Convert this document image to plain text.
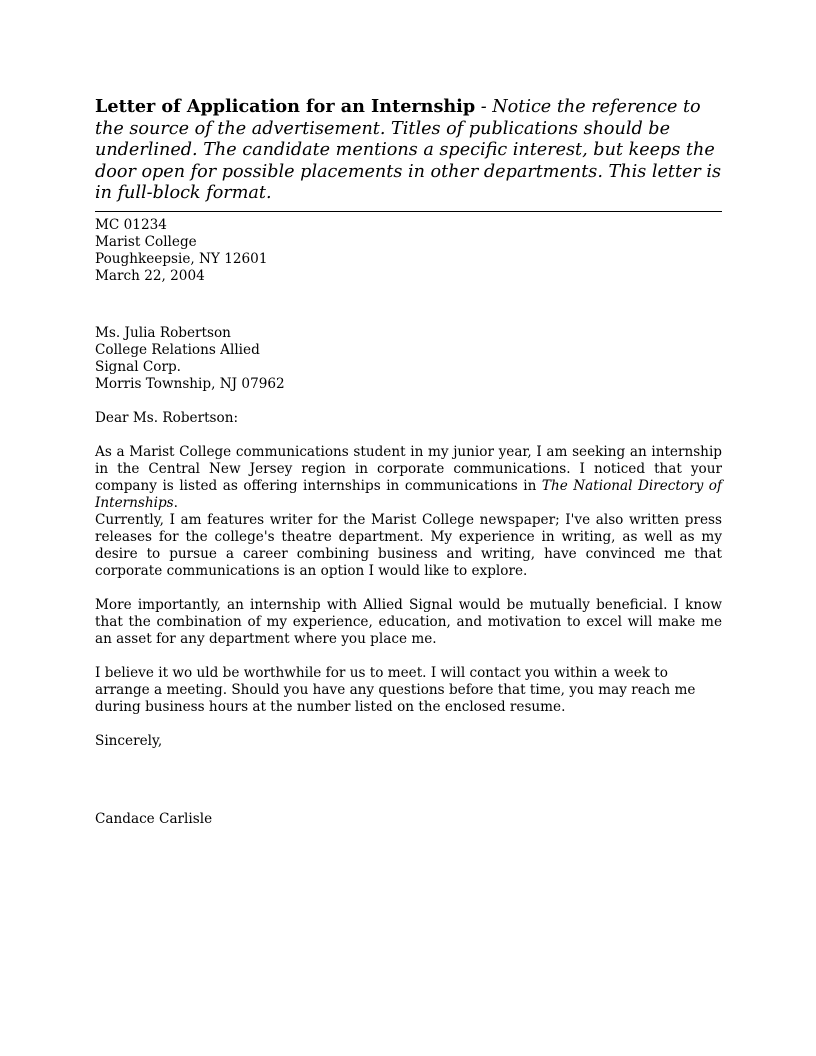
Letter of Application for an Internship - Notice the reference to the source of the advertisement. Titles of publications should be underlined. The candidate mentions a specific interest, but keeps the door open for possible placements in other departments. This letter is in full-block format.

MC 01234
Marist College
Poughkeepsie, NY 12601
March 22, 2004
Ms. Julia Robertson
College Relations Allied
Signal Corp.
Morris Township, NJ 07962

Dear Ms. Robertson:

As a Marist College communications student in my junior year, I am seeking an internship in the Central New Jersey region in corporate communications. I noticed that your company is listed as offering internships in communications in The National Directory of Internships.
Currently, I am features writer for the Marist College newspaper; I've also written press releases for the college's theatre department. My experience in writing, as well as my desire to pursue a career combining business and writing, have convinced me that corporate communications is an option I would like to explore.

More importantly, an internship with Allied Signal would be mutually beneficial. I know that the combination of my experience, education, and motivation to excel will make me an asset for any department where you place me.

I believe it wo uld be worthwhile for us to meet. I will contact you within a week to arrange a meeting. Should you have any questions before that time, you may reach me during business hours at the number listed on the enclosed resume.

Sincerely,

Candace Carlisle
